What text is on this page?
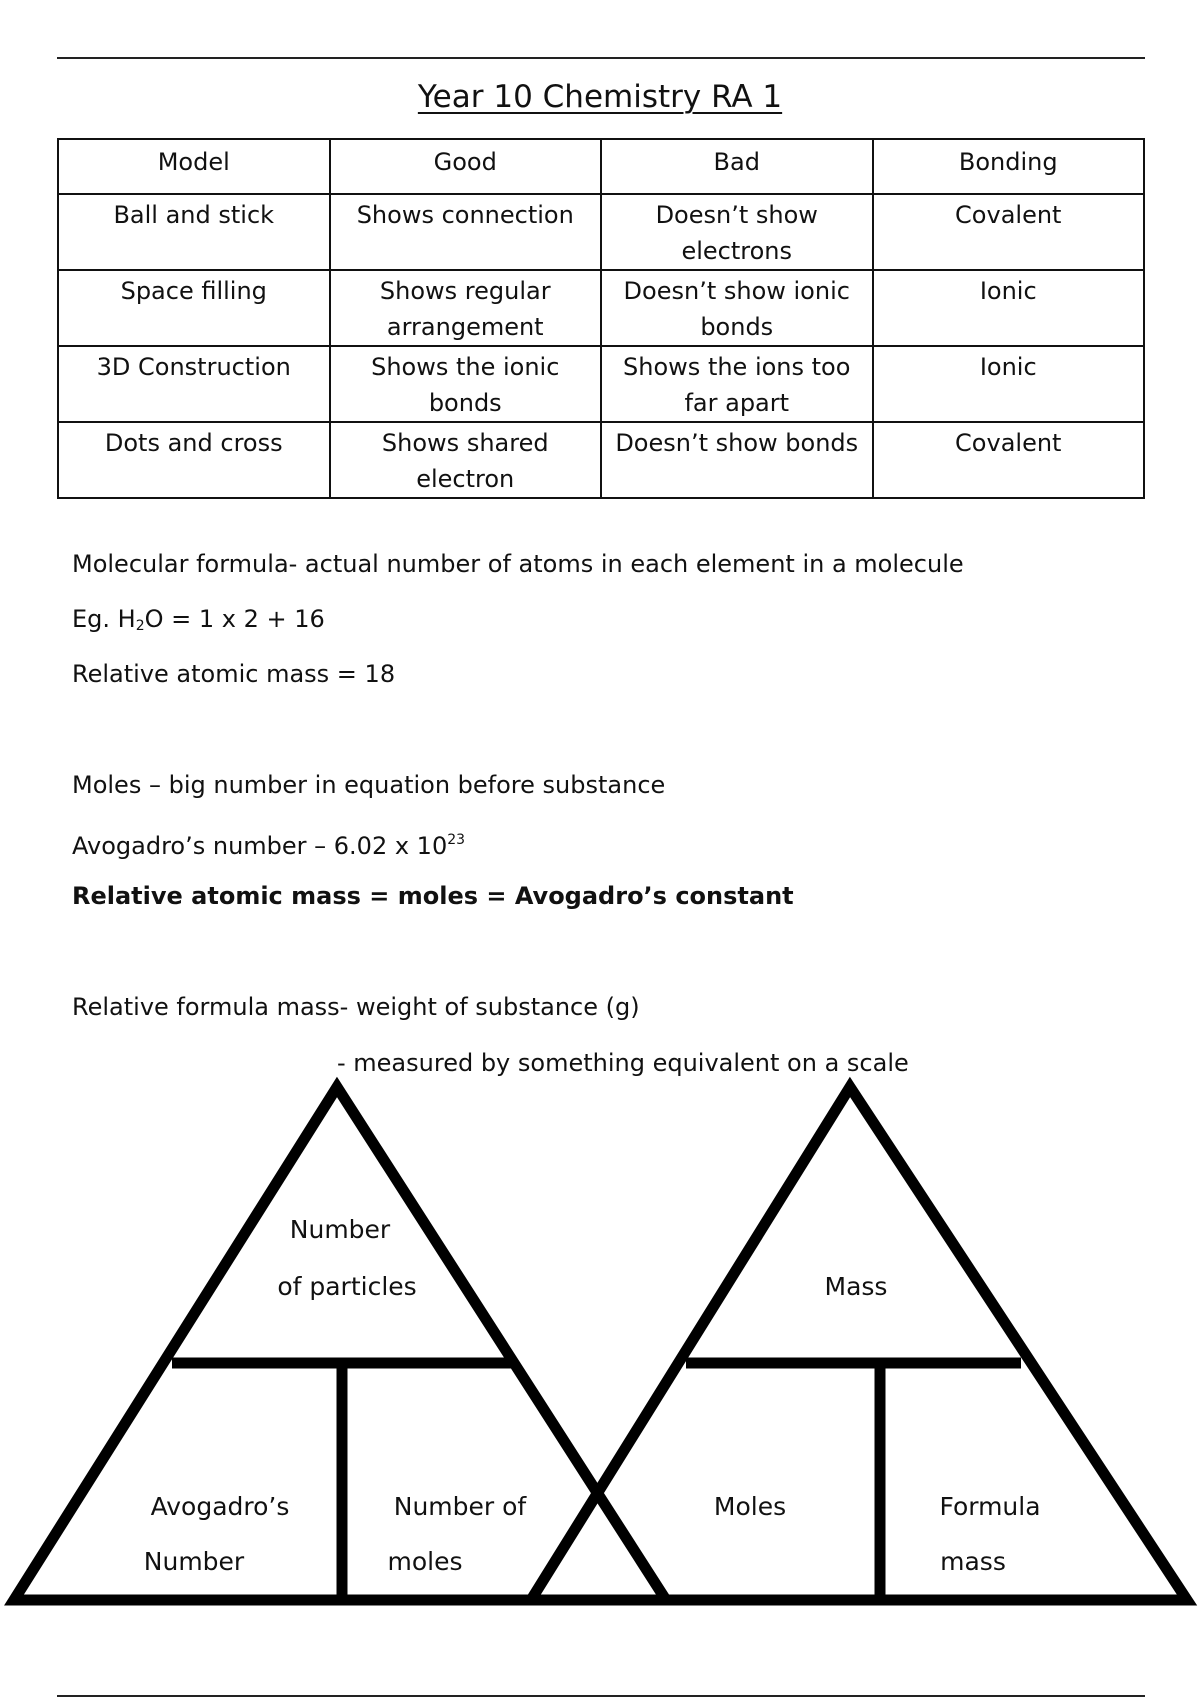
Year 10 Chemistry RA 1
Model	Good	Bad	Bonding
Ball and stick	Shows connection	Doesn’t show electrons	Covalent
Space filling	Shows regular arrangement	Doesn’t show ionic bonds	Ionic
3D Construction	Shows the ionic bonds	Shows the ions too far apart	Ionic
Dots and cross	Shows shared electron	Doesn’t show bonds	Covalent
Molecular formula- actual number of atoms in each element in a molecule
Eg. $H_2O = 1$ x 2 + 16
Relative atomic mass = 18
Moles – big number in equation before substance
Avogadro’s number – 6.02 x $10^{23}$
Relative atomic mass = moles = Avogadro’s constant
Relative formula mass- weight of substance (g)
- measured by something equivalent on a scale
Number
of particles
Avogadro’s
Number
Number of
moles
Mass
Moles	Formula
mass
